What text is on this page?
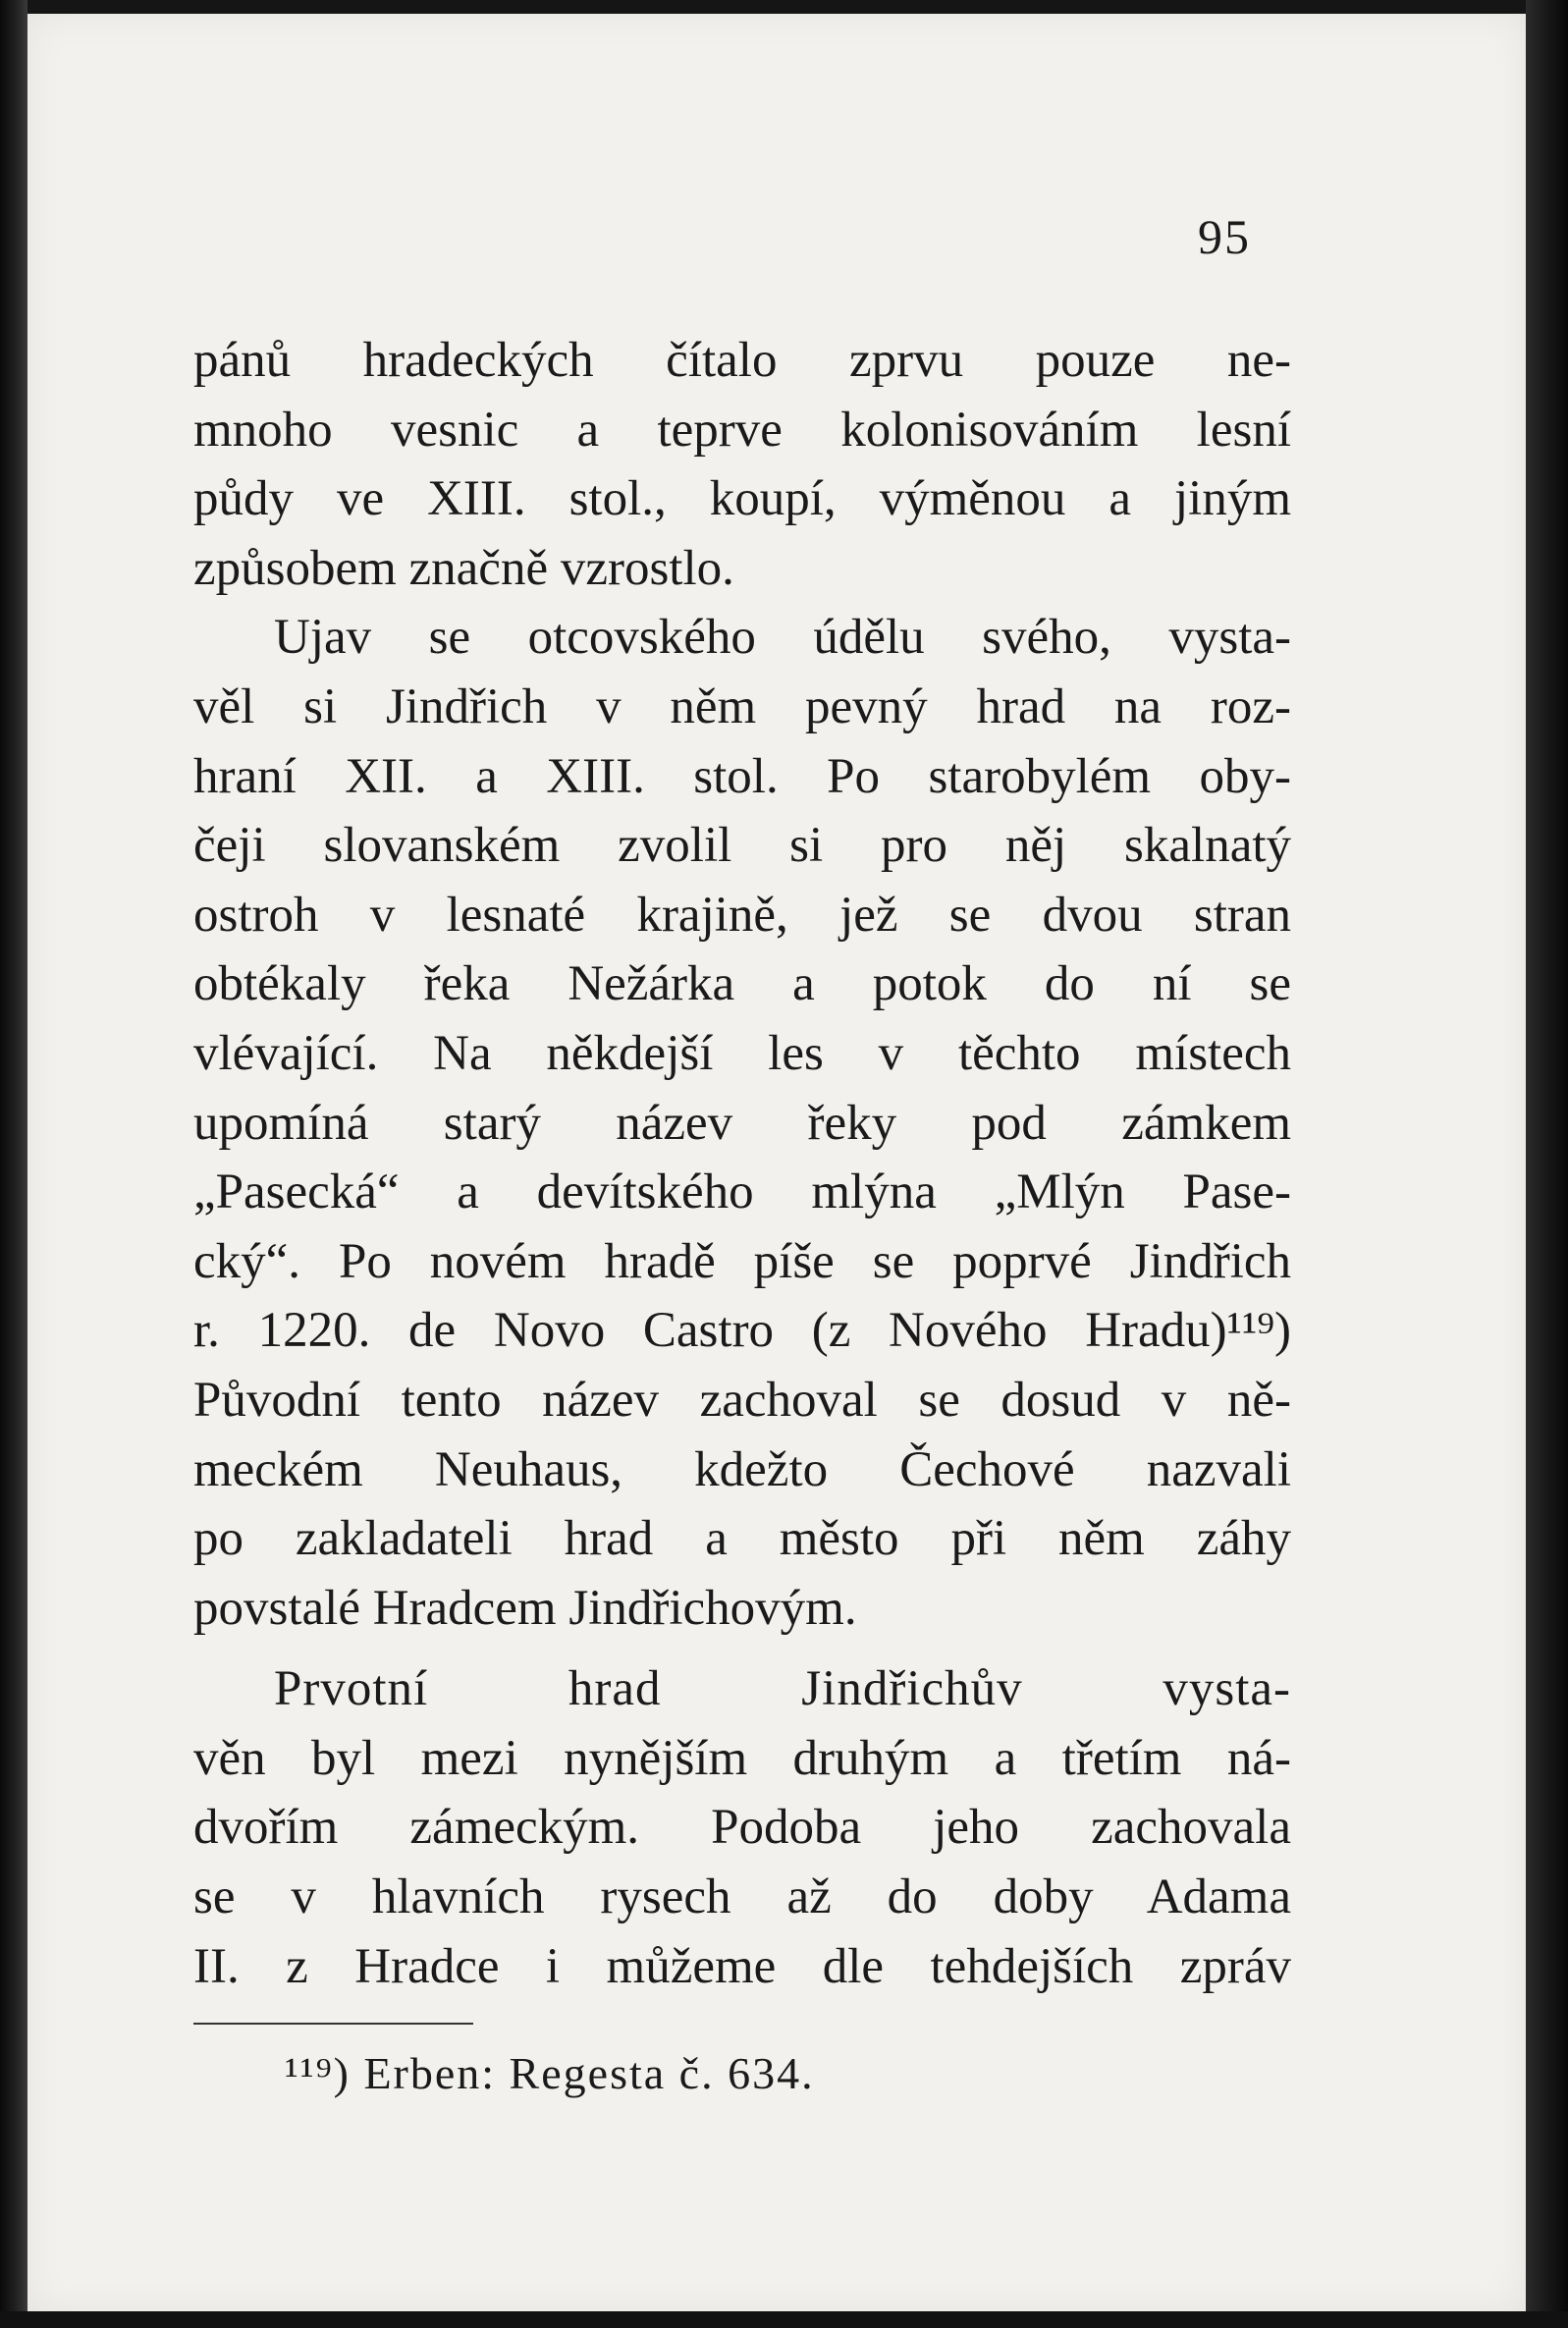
95
pánů hradeckých čítalo zprvu pouze ne-
mnoho vesnic a teprve kolonisováním lesní
půdy ve XIII. stol., koupí, výměnou a jiným
způsobem značně vzrostlo.
Ujav se otcovského údělu svého, vysta-
věl si Jindřich v něm pevný hrad na roz-
hraní XII. a XIII. stol. Po starobylém oby-
čeji slovanském zvolil si pro něj skalnatý
ostroh v lesnaté krajině, jež se dvou stran
obtékaly řeka Nežárka a potok do ní se
vlévající. Na někdejší les v těchto místech
upomíná starý název řeky pod zámkem
„Pasecká“ a devítského mlýna „Mlýn Pase-
cký“. Po novém hradě píše se poprvé Jindřich
r. 1220. de Novo Castro (z Nového Hradu)¹¹⁹)
Původní tento název zachoval se dosud v ně-
meckém Neuhaus, kdežto Čechové nazvali
po zakladateli hrad a město při něm záhy
povstalé Hradcem Jindřichovým.
Prvotní hrad Jindřichův vysta-
věn byl mezi nynějším druhým a třetím ná-
dvořím zámeckým. Podoba jeho zachovala
se v hlavních rysech až do doby Adama
II. z Hradce i můžeme dle tehdejších zpráv
¹¹⁹) Erben: Regesta č. 634.
